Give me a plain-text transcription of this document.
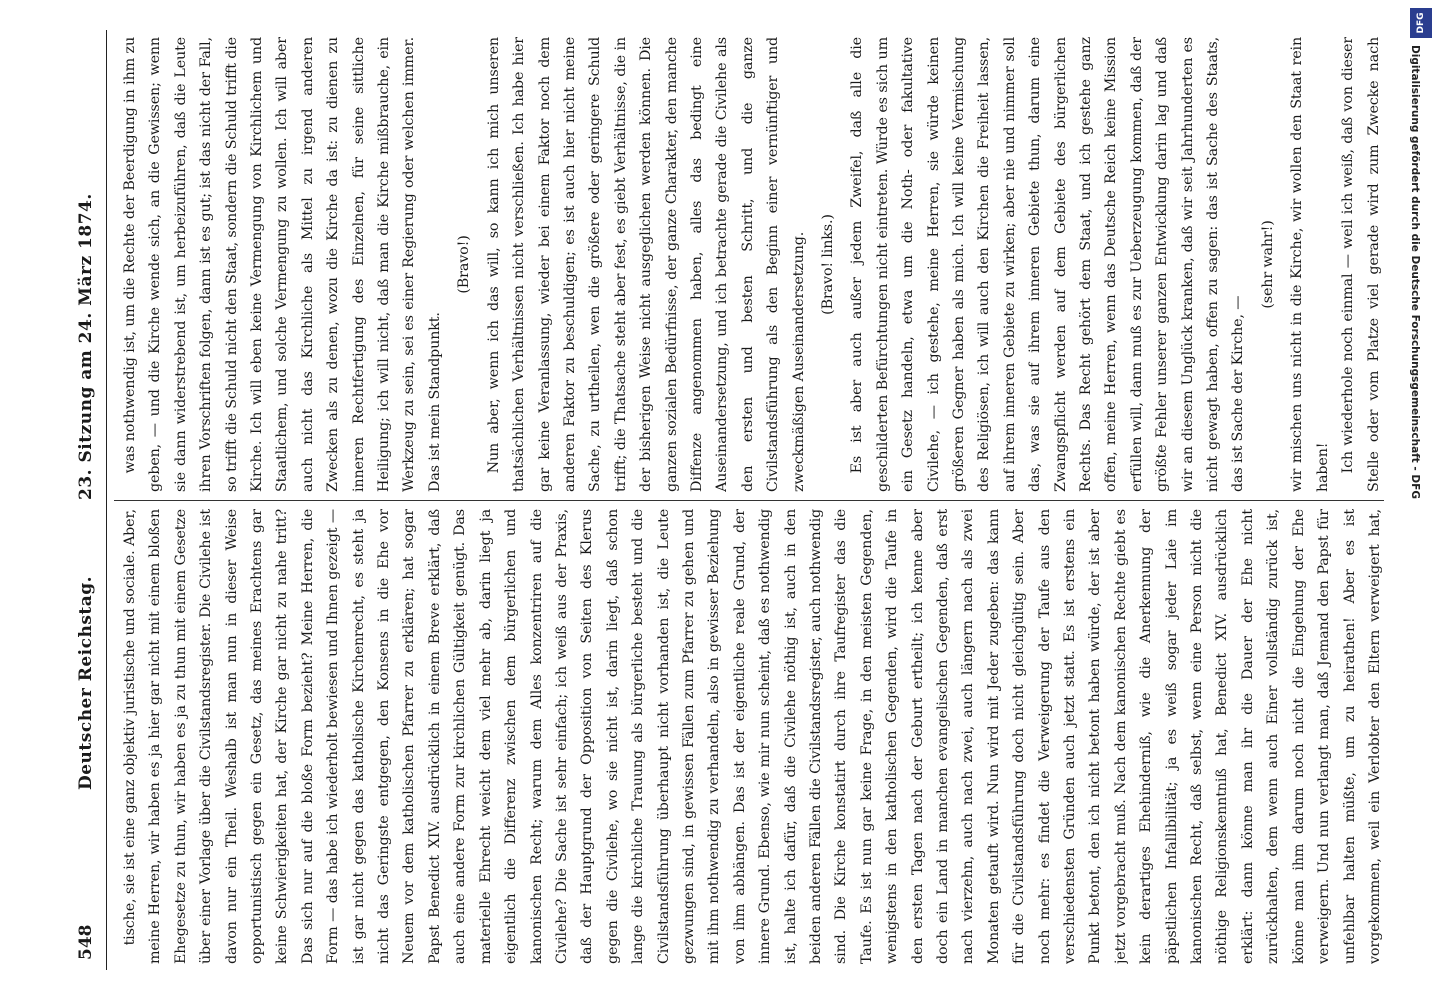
548
Deutscher Reichstag.
23. Sitzung am 24. März 1874.

tische, sie ist eine ganz objektiv juristische und sociale. Aber, meine Herren, wir haben es ja hier gar nicht mit einem bloßen Ehegesetze zu thun, wir haben es ja zu thun mit einem Gesetze über einer Vorlage über die Civilstandsregister. Die Civilehe ist davon nur ein Theil. Weshalb ist man nun in dieser Weise opportunistisch gegen ein Gesetz, das meines Erachtens gar keine Schwierigkeiten hat, der Kirche gar nicht zu nahe tritt? Das sich nur auf die bloße Form bezieht? Meine Herren, die Form — das habe ich wiederholt bewiesen und Ihnen gezeigt — ist gar nicht gegen das katholische Kirchenrecht, es steht ja nicht das Geringste entgegen, den Konsens in die Ehe vor Neuem vor dem katholischen Pfarrer zu erklären; hat sogar Papst Benedict XIV. ausdrücklich in einem Breve erklärt, daß auch eine andere Form zur kirchlichen Gültigkeit genügt. Das materielle Ehrecht weicht dem viel mehr ab, darin liegt ja eigentlich die Differenz zwischen dem bürgerlichen und kanonischen Recht; warum dem Alles konzentriren auf die Civilehe? Die Sache ist sehr einfach; ich weiß aus der Praxis, daß der Hauptgrund der Opposition von Seiten des Klerus gegen die Civilehe, wo sie nicht ist, darin liegt, daß schon lange die kirchliche Trauung als bürgerliche besteht und die Civilstandsführung überhaupt nicht vorhanden ist, die Leute gezwungen sind, in gewissen Fällen zum Pfarrer zu gehen und mit ihm nothwendig zu verhandeln, also in gewisser Beziehung von ihm abhängen. Das ist der eigentliche reale Grund, der innere Grund. Ebenso, wie mir nun scheint, daß es nothwendig ist, halte ich dafür, daß die Civilehe nöthig ist, auch in den beiden anderen Fällen die Civilstandsregister, auch nothwendig sind. Die Kirche konstatirt durch ihre Taufregister das die Taufe. Es ist nun gar keine Frage, in den meisten Gegenden, wenigstens in den katholischen Gegenden, wird die Taufe in den ersten Tagen nach der Geburt ertheilt; ich kenne aber doch ein Land in manchen evangelischen Gegenden, daß erst nach vierzehn, auch nach zwei, auch längern nach als zwei Monaten getauft wird. Nun wird mit Jeder zugeben: das kann für die Civilstandsführung doch nicht gleichgültig sein. Aber noch mehr: es findet die Verweigerung der Taufe aus den verschiedensten Gründen auch jetzt statt. Es ist erstens ein Punkt betont, den ich nicht betont haben würde, der ist aber jetzt vorgebracht muß. Nach dem kanonischen Rechte giebt es kein derartiges Ehehinderniß, wie die Anerkennung der päpstlichen Infallibilität; ja es weiß sogar jeder Laie im kanonischen Recht, daß selbst, wenn eine Person nicht die nöthige Religionskenntniß hat, Benedict XIV. ausdrücklich erklärt: dann könne man ihr die Dauer der Ehe nicht zurückhalten, dem wenn auch Einer vollständig zurück ist, könne man ihm darum noch nicht die Eingehung der Ehe verweigern. Und nun verlangt man, daß Jemand den Papst für unfehlbar halten müßte, um zu heirathen! Aber es ist vorgekommen, weil ein Verlobter den Eltern verweigert hat,

was nothwendig ist, um die Rechte der Beerdigung in ihm zu geben, — und die Kirche wende sich, an die Gewissen; wenn sie dann widerstrebend ist, um herbeizuführen, daß die Leute ihren Vorschriften folgen, dann ist es gut; ist das nicht der Fall, so trifft die Schuld nicht den Staat, sondern die Schuld trifft die Kirche. Ich will eben keine Vermengung von Kirchlichem und Staatlichem, und solche Vermengung zu wollen. Ich will aber auch nicht das Kirchliche als Mittel zu irgend anderen Zwecken als zu denen, wozu die Kirche da ist: zu dienen zu inneren Rechtfertigung des Einzelnen, für seine sittliche Heiligung; ich will nicht, daß man die Kirche mißbrauche, ein Werkzeug zu sein, sei es einer Regierung oder welchen immer. Das ist mein Standpunkt.

(Bravo!) Nun aber, wenn ich das will, so kann ich mich unseren thatsächlichen Verhältnissen nicht verschließen. Ich habe hier gar keine Veranlassung, wieder bei einem Faktor noch dem anderen Faktor zu beschuldigen; es ist auch hier nicht meine Sache, zu urtheilen, wen die größere oder geringere Schuld trifft; die Thatsache steht aber fest, es giebt Verhältnisse, die in der bisherigen Weise nicht ausgeglichen werden können. Die ganzen sozialen Bedürfnisse, der ganze Charakter, den manche Diffenze angenommen haben, alles das bedingt eine Auseinandersetzung, und ich betrachte gerade die Civilehe als den ersten und besten Schritt, und die ganze Civilstandsführung als den Beginn einer vernünftiger und zweckmäßigen Auseinandersetzung. (Bravo! links.) Es ist aber auch außer jedem Zweifel, daß alle die geschilderten Befürchtungen nicht eintreten. Würde es sich um ein Gesetz handeln, etwa um die Noth- oder fakultative Civilehe, — ich gestehe, meine Herren, sie würde keinen größeren Gegner haben als mich. Ich will keine Vermischung des Religiösen, ich will auch den Kirchen die Freiheit lassen, auf ihrem inneren Gebiete zu wirken; aber nie und nimmer soll das, was sie auf ihrem inneren Gebiete thun, darum eine Zwangspflicht werden auf dem Gebiete des bürgerlichen Rechts. Das Recht gehört dem Staat, und ich gestehe ganz offen, meine Herren, wenn das Deutsche Reich keine Mission erfüllen will, dann muß es zur Ueberzeugung kommen, daß der größte Fehler unserer ganzen Entwicklung darin lag und daß wir an diesem Unglück kranken, daß wir seit Jahrhunderten es nicht gewagt haben, offen zu sagen: das ist Sache des Staats, das ist Sache der Kirche, —

(sehr wahr!) wir mischen uns nicht in die Kirche, wir wollen den Staat rein haben! Ich wiederhole noch einmal — weil ich weiß, daß von dieser Stelle oder vom Platze viel gerade wird zum Zwecke nach

DFG
Digitalisierung gefördert durch die Deutsche Forschungsgemeinschaft - DFG
